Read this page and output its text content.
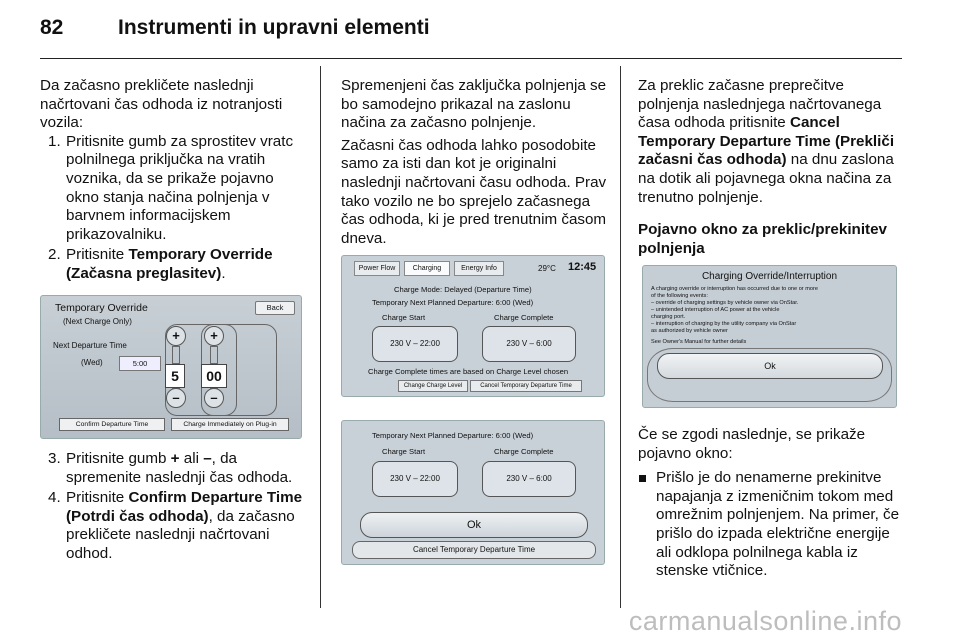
82	Instrumenti in upravni elementi

Da začasno prekličete naslednji načrtovani čas odhoda iz notranjosti vozila:

1. Pritisnite gumb za sprostitev vratc polnilnega priključka na vratih voznika, da se prikaže pojavno okno stanja načina polnjenja v barvnem informacijskem prikazovalniku.
2. Pritisnite Temporary Override (Začasna preglasitev).
3. Pritisnite gumb + ali –, da spremenite naslednji čas odhoda.
4. Pritisnite Confirm Departure Time (Potrdi čas odhoda), da začasno prekličete naslednji načrtovani odhod.
Temporary Override
(Next Charge Only)
Back
Next Departure Time
(Wed)	5:00
+
5
–
+
00
–
Confirm Departure Time	Charge Immediately on Plug-in

Spremenjeni čas zaključka polnjenja se bo samodejno prikazal na zaslonu načina za začasno polnjenje.

Začasni čas odhoda lahko posodobite samo za isti dan kot je originalni naslednji načrtovani času odhoda. Prav tako vozilo ne bo sprejelo začasnega čas odhoda, ki je pred trenutnim časom dneva.

Power Flow	Charging	Energy Info	29°C 12:45
Charge Mode: Delayed (Departure Time)
Temporary Next Planned Departure: 6:00 (Wed)
Charge Start	Charge Complete
230 V – 22:00	230 V – 6:00
Charge Complete times are based on Charge Level chosen
Change Charge Level	Cancel Temporary Departure Time
Temporary Next Planned Departure: 6:00 (Wed)
Charge Start	Charge Complete
230 V – 22:00	230 V – 6:00
Ok
Cancel Temporary Departure Time

Za preklic začasne preprečitve polnjenja naslednjega načrtovanega časa odhoda pritisnite Cancel Temporary Departure Time (Prekliči začasni čas odhoda) na dnu zaslona na dotik ali pojavnega okna načina za trenutno polnjenje.

Pojavno okno za preklic/prekinitev polnjenja

Charging Override/Interruption
A charging override or interruption has occurred due to one or more
of the following events:
– override of charging settings by vehicle owner via OnStar.
– unintended interruption of AC power at the vehicle
charging port.
– interruption of charging by the utility company via OnStar
as authorized by vehicle owner
See Owner's Manual for further details
Ok

Če se zgodi naslednje, se prikaže pojavno okno:

Prišlo je do nenamerne prekinitve napajanja z izmeničnim tokom med omrežnim polnjenjem. Na primer, če prišlo do izpada električne energije ali odklopa polnilnega kabla iz stenske vtičnice.
carmanualsonline.info
